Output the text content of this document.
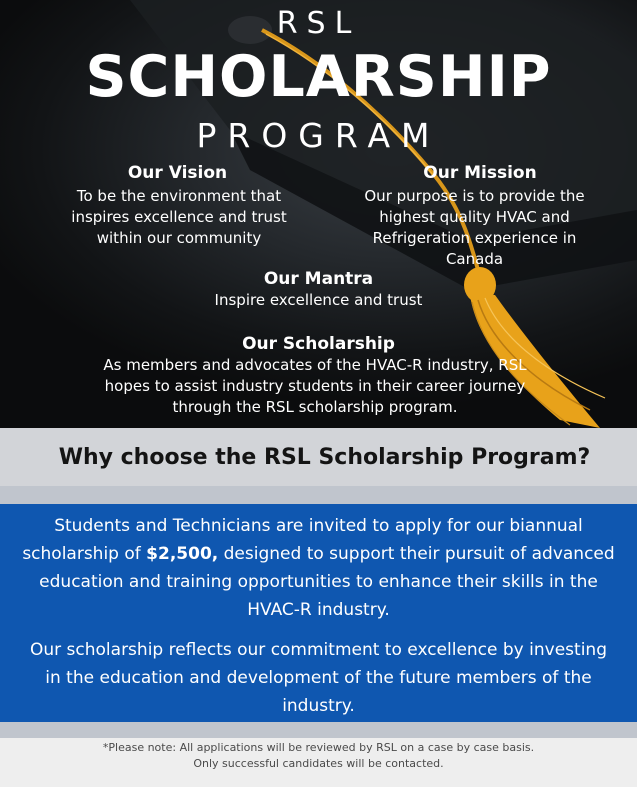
RSL
SCHOLARSHIP
PROGRAM
Our Vision
To be the environment that inspires excellence and trust within our community
Our Mission
Our purpose is to provide the highest quality HVAC and Refrigeration experience in Canada
Our Mantra
Inspire excellence and trust
Our Scholarship
As members and advocates of the HVAC-R industry, RSL hopes to assist industry students in their career journey through the RSL scholarship program.
Why choose the RSL Scholarship Program?
Students and Technicians are invited to apply for our biannual scholarship of $2,500, designed to support their pursuit of advanced education and training opportunities to enhance their skills in the HVAC-R industry.
Our scholarship reflects our commitment to excellence by investing in the education and development of the future members of the industry.
*Please note: All applications will be reviewed by RSL on a case by case basis.
Only successful candidates will be contacted.
